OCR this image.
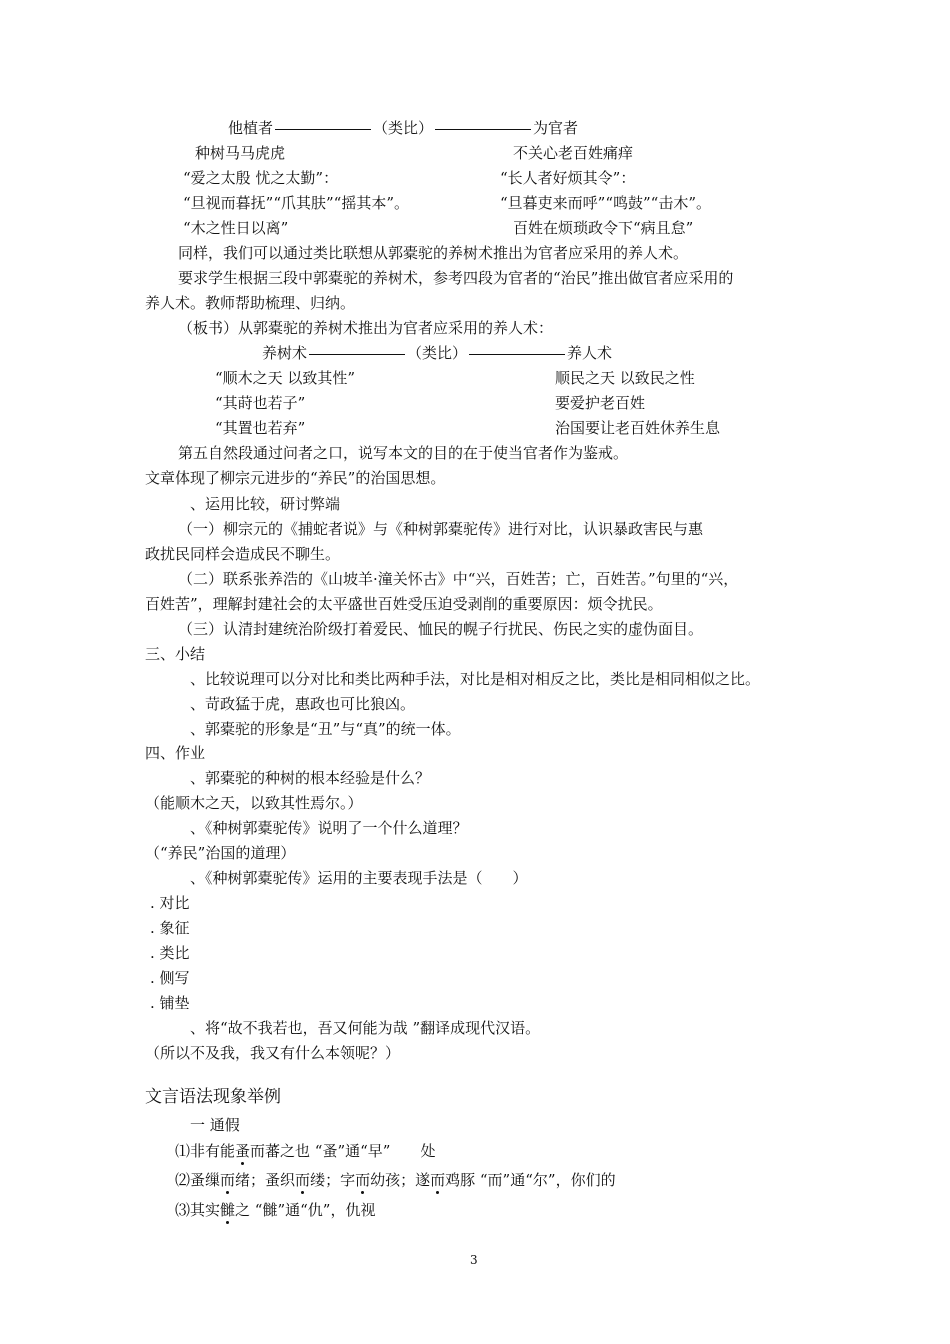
他植者	（类比）	为官者
种树马马虎虎	不关心老百姓痛痒
“爱之太殷 忧之太勤”：	“长人者好烦其令”：
“旦视而暮抚”“爪其肤”“摇其本”。	“旦暮吏来而呼”“鸣鼓”“击木”。
“木之性日以离”	百姓在烦琐政令下“病且怠”
同样，我们可以通过类比联想从郭橐驼的养树术推出为官者应采用的养人术。
要求学生根据三段中郭橐驼的养树术，参考四段为官者的“治民”推出做官者应采用的
养人术。教师帮助梳理、归纳。
（板书）从郭橐驼的养树术推出为官者应采用的养人术：
养树术	（类比）	养人术
“顺木之天 以致其性”	顺民之天 以致民之性
“其莳也若子”	要爱护老百姓
“其置也若弃”	治国要让老百姓休养生息
第五自然段通过问者之口，说写本文的目的在于使当官者作为鉴戒。
文章体现了柳宗元进步的“养民”的治国思想。
、运用比较，研讨弊端
（一）柳宗元的《捕蛇者说》与《种树郭橐驼传》进行对比，认识暴政害民与惠
政扰民同样会造成民不聊生。
（二）联系张养浩的《山坡羊·潼关怀古》中“兴，百姓苦；亡，百姓苦。”句里的“兴，
百姓苦”，理解封建社会的太平盛世百姓受压迫受剥削的重要原因：烦令扰民。
（三）认清封建统治阶级打着爱民、恤民的幌子行扰民、伤民之实的虚伪面目。
三、小结
、比较说理可以分对比和类比两种手法，对比是相对相反之比，类比是相同相似之比。
、苛政猛于虎，惠政也可比狼凶。
、郭橐驼的形象是“丑”与“真”的统一体。
四、作业
、郭橐驼的种树的根本经验是什么？
（能顺木之天，以致其性焉尔。）
、《种树郭橐驼传》说明了一个什么道理？
（“养民”治国的道理）
、《种树郭橐驼传》运用的主要表现手法是（　　）
. 对比
. 象征
. 类比
. 侧写
. 铺垫
、将“故不我若也，吾又何能为哉 ”翻译成现代汉语。
（所以不及我，我又有什么本领呢？）
文言语法现象举例
一 通假
⑴非有能蚤而蕃之也 “蚤”通“早”　　处
⑵蚤缫而绪；蚤织而缕；字而幼孩；遂而鸡豚 “而”通“尔”，你们的
⑶其实雠之 “雠”通“仇”，仇视
3
